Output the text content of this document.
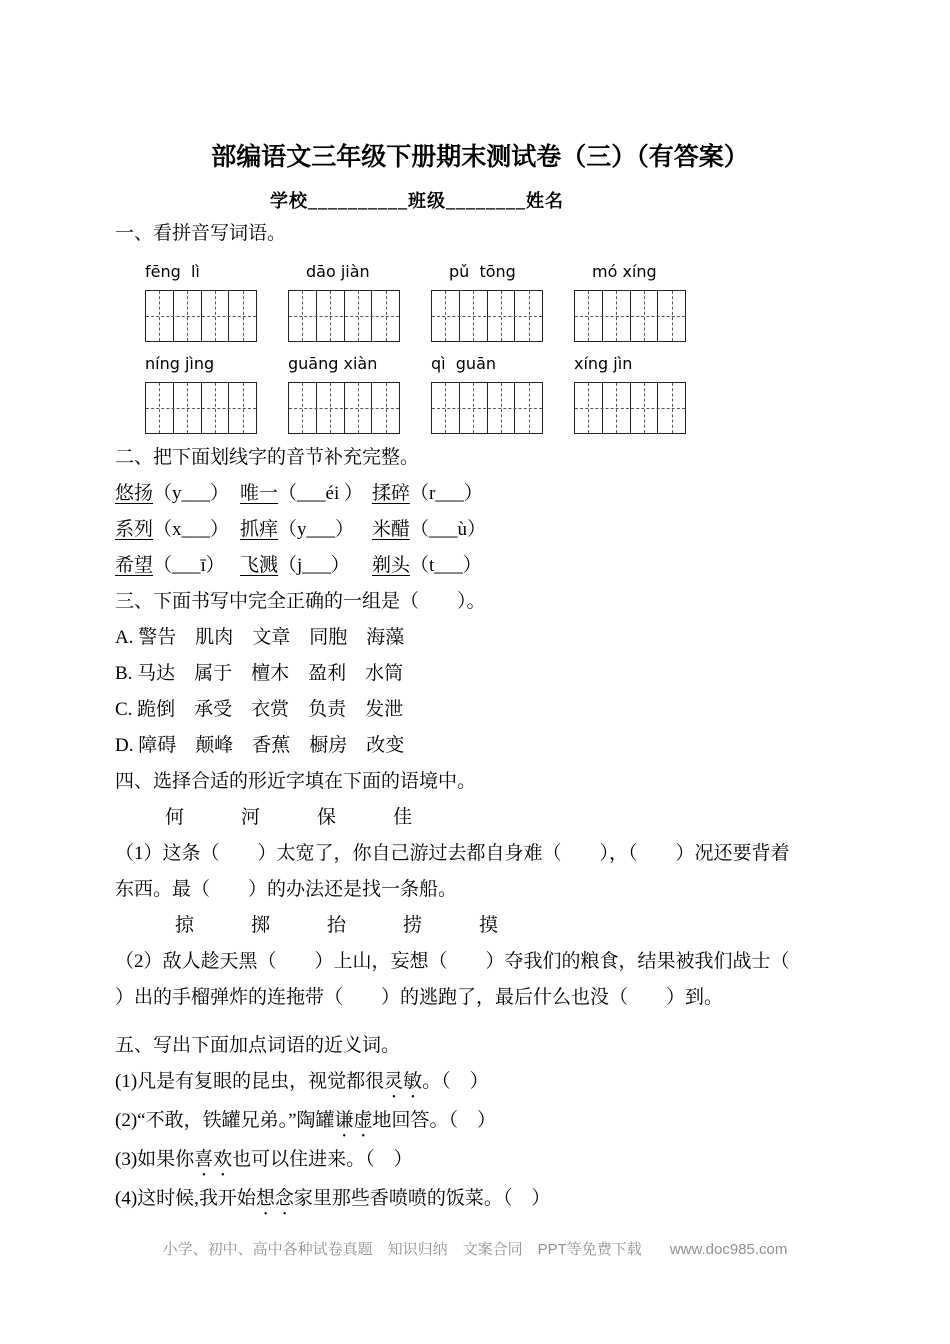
部编语文三年级下册期末测试卷（三）（有答案）
学校__________班级________姓名
一、看拼音写词语。
fēng  lì	dāo jiàn	pǔ  tōng	mó xíng
níng jìng	guāng xiàn	qì  guān	xíng jìn
二、把下面划线字的音节补充完整。
悠扬（y___） 唯一（___éi ） 揉碎（r___）
系列（x___） 抓痒（y___） 米醋（___ù）
希望（___ī） 飞溅（j___）	剃头（t___）
三、下面书写中完全正确的一组是（　　）。
A. 警告　肌肉　文章　同胞　海藻
B. 马达　属于　檀木　盈利　水筒
C. 跪倒　承受　衣赏　负责　发泄
D. 障碍　颠峰　香蕉　橱房　改变
四、选择合适的形近字填在下面的语境中。
何　　　河　　　保　　　佳
（1）这条（　　）太宽了，你自己游过去都自身难（　　），（　　）况还要背着
东西。最（　　）的办法还是找一条船。
掠　　　掷　　　抬　　　捞　　　摸
（2）敌人趁天黑（　　）上山，妄想（　　）夺我们的粮食，结果被我们战士（
）出的手榴弹炸的连拖带（　　）的逃跑了，最后什么也没（　　）到。
五、写出下面加点词语的近义词。
(1)凡是有复眼的昆虫，视觉都很灵敏。（　）
(2)“不敢，铁罐兄弟。”陶罐谦虚地回答。（　）
(3)如果你喜欢也可以住进来。（　）
(4)这时候,我开始想念家里那些香喷喷的饭菜。（　）
小学、初中、高中各种试卷真题　知识归纳　文案合同　PPT等免费下载 www.doc985.com
